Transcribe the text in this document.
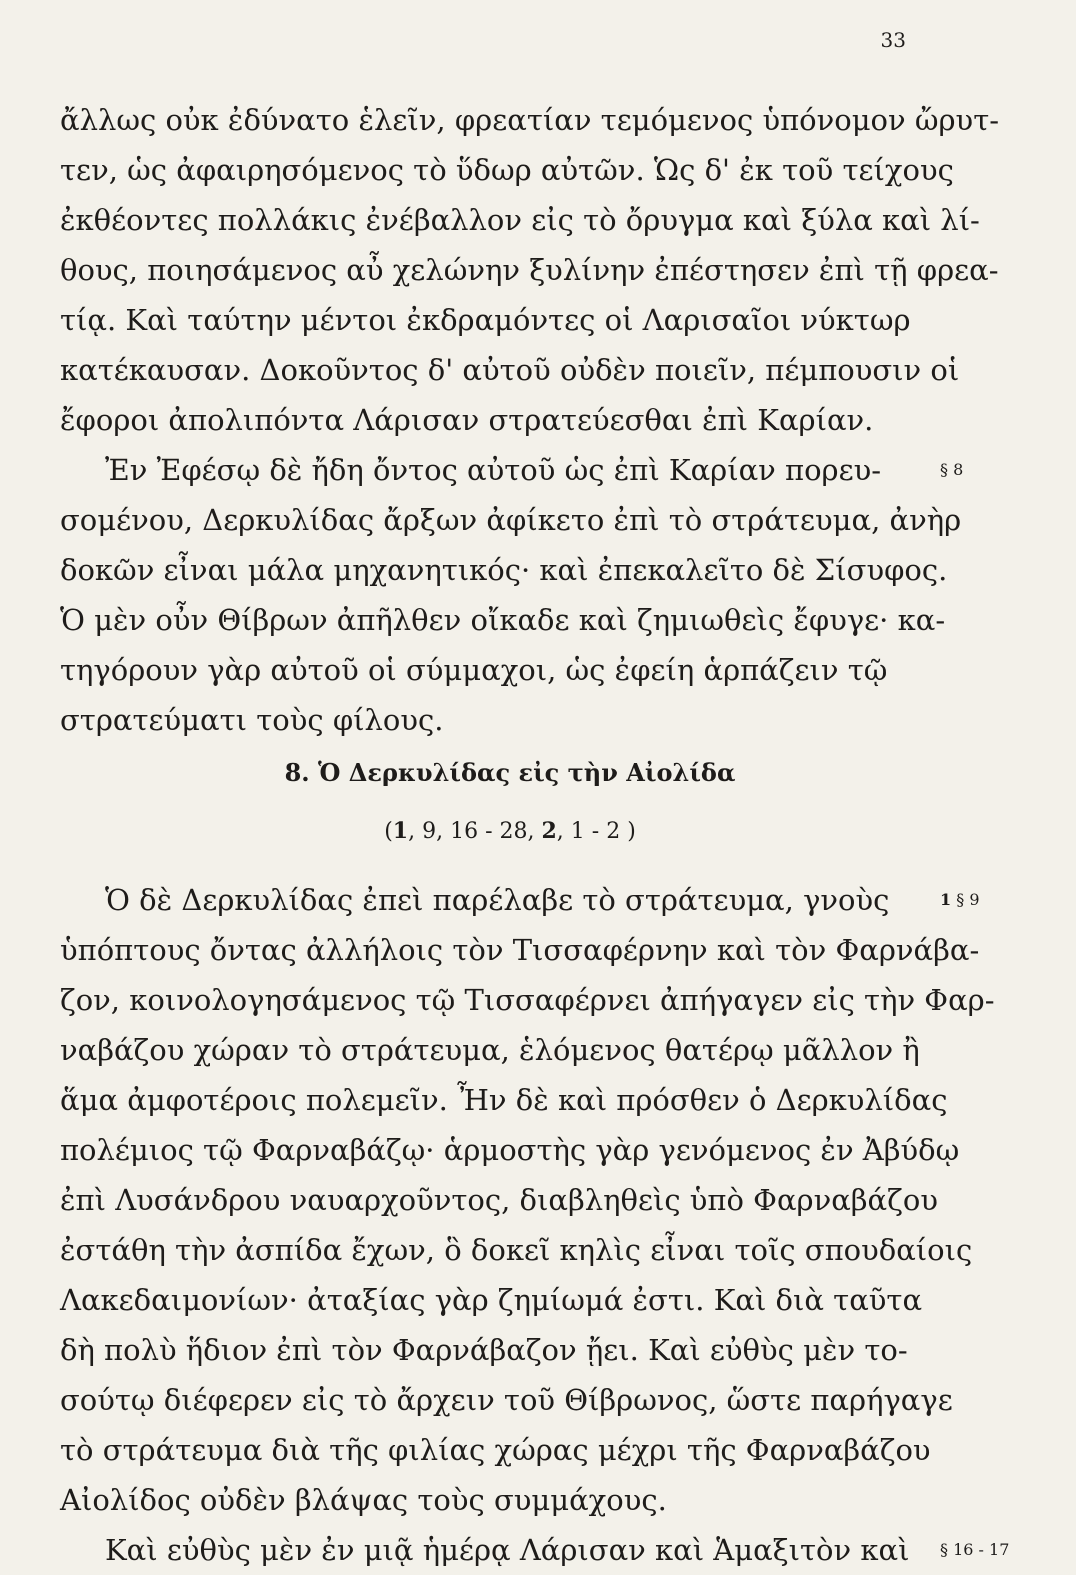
33
ἄλλως οὐκ ἐδύνατο ἑλεῖν, φρεατίαν τεμόμενος ὑπόνομον ὤρυτ-
τεν, ὡς ἀφαιρησόμενος τὸ ὕδωρ αὐτῶν. Ὡς δ' ἐκ τοῦ τείχους
ἐκθέοντες πολλάκις ἐνέβαλλον εἰς τὸ ὄρυγμα καὶ ξύλα καὶ λί-
θους, ποιησάμενος αὖ χελώνην ξυλίνην ἐπέστησεν ἐπὶ τῇ φρεα-
τίᾳ. Καὶ ταύτην μέντοι ἐκδραμόντες οἱ Λαρισαῖοι νύκτωρ
κατέκαυσαν. Δοκοῦντος δ' αὐτοῦ οὐδὲν ποιεῖν, πέμπουσιν οἱ
ἔφοροι ἀπολιπόντα Λάρισαν στρατεύεσθαι ἐπὶ Καρίαν.
Ἐν Ἐφέσῳ δὲ ἤδη ὄντος αὐτοῦ ὡς ἐπὶ Καρίαν πορευ-	§ 8
σομένου, Δερκυλίδας ἄρξων ἀφίκετο ἐπὶ τὸ στράτευμα, ἀνὴρ
δοκῶν εἶναι μάλα μηχανητικός· καὶ ἐπεκαλεῖτο δὲ Σίσυφος.
Ὁ μὲν οὖν Θίβρων ἀπῆλθεν οἴκαδε καὶ ζημιωθεὶς ἔφυγε· κα-
τηγόρουν γὰρ αὐτοῦ οἱ σύμμαχοι, ὡς ἐφείη ἁρπάζειν τῷ
στρατεύματι τοὺς φίλους.
8. Ὁ Δερκυλίδας εἰς τὴν Αἰολίδα
(1, 9, 16 - 28, 2, 1 - 2 )
Ὁ δὲ Δερκυλίδας ἐπεὶ παρέλαβε τὸ στράτευμα, γνοὺς	1 § 9
ὑπόπτους ὄντας ἀλλήλοις τὸν Τισσαφέρνην καὶ τὸν Φαρνάβα-
ζον, κοινολογησάμενος τῷ Τισσαφέρνει ἀπήγαγεν εἰς τὴν Φαρ-
ναβάζου χώραν τὸ στράτευμα, ἑλόμενος θατέρῳ μᾶλλον ἢ
ἅμα ἀμφοτέροις πολεμεῖν. Ἦν δὲ καὶ πρόσθεν ὁ Δερκυλίδας
πολέμιος τῷ Φαρναβάζῳ· ἁρμοστὴς γὰρ γενόμενος ἐν Ἀβύδῳ
ἐπὶ Λυσάνδρου ναυαρχοῦντος, διαβληθεὶς ὑπὸ Φαρναβάζου
ἐστάθη τὴν ἀσπίδα ἔχων, ὃ δοκεῖ κηλὶς εἶναι τοῖς σπουδαίοις
Λακεδαιμονίων· ἀταξίας γὰρ ζημίωμά ἐστι. Καὶ διὰ ταῦτα
δὴ πολὺ ἥδιον ἐπὶ τὸν Φαρνάβαζον ᾔει. Καὶ εὐθὺς μὲν το-
σούτῳ διέφερεν εἰς τὸ ἄρχειν τοῦ Θίβρωνος, ὥστε παρήγαγε
τὸ στράτευμα διὰ τῆς φιλίας χώρας μέχρι τῆς Φαρναβάζου
Αἰολίδος οὐδὲν βλάψας τοὺς συμμάχους.
Καὶ εὐθὺς μὲν ἐν μιᾷ ἡμέρᾳ Λάρισαν καὶ Ἁμαξιτὸν καὶ § 16 - 17
